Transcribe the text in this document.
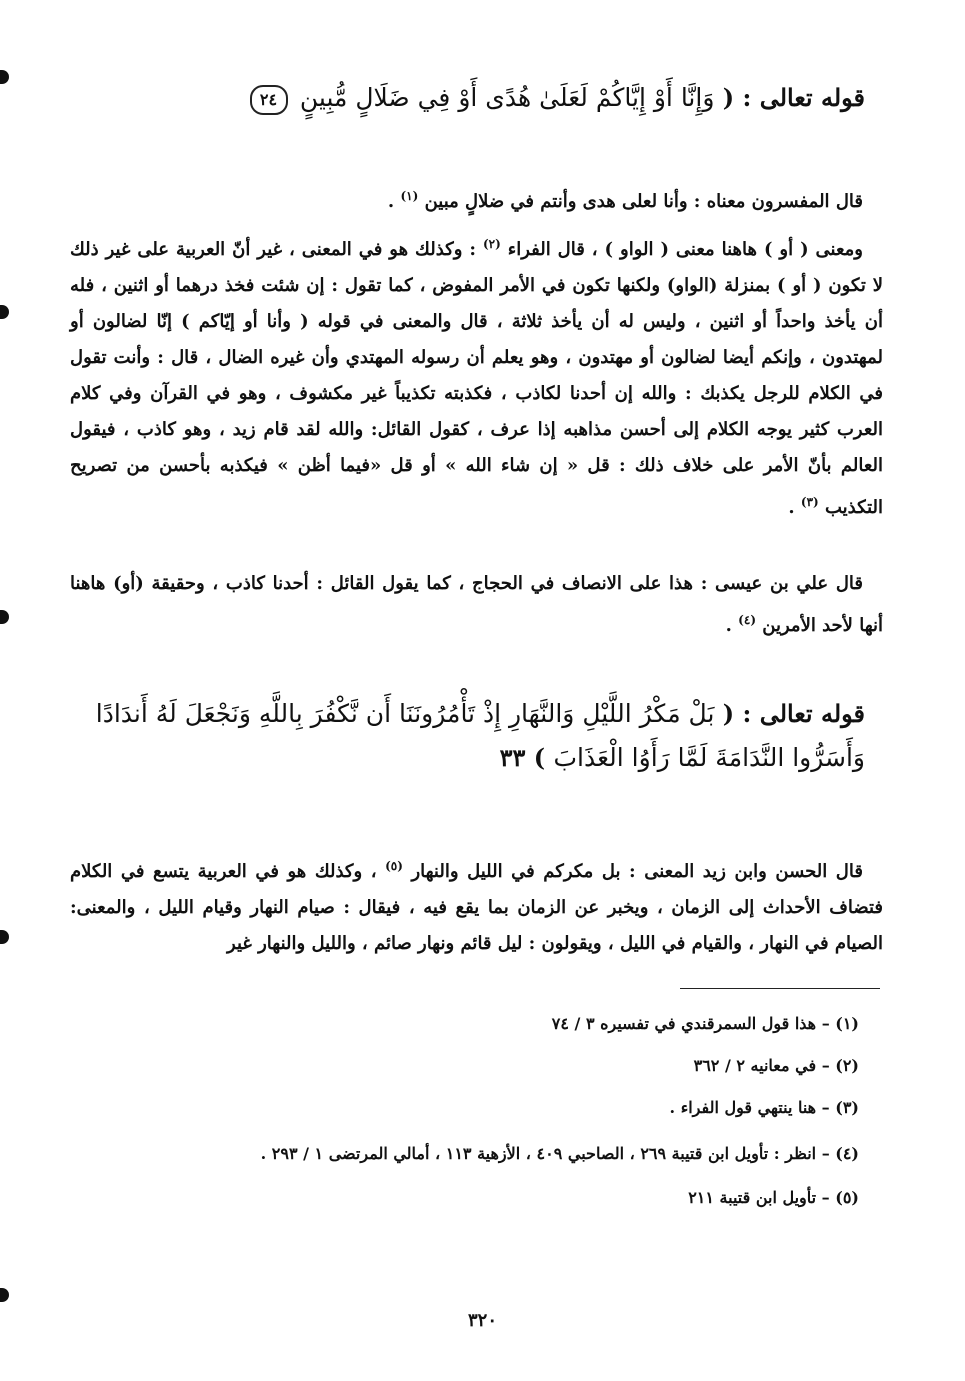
قوله تعالى : ( وَإِنَّا أَوْ إِيَّاكُمْ لَعَلَىٰ هُدًى أَوْ فِي ضَلَالٍ مُّبِينٍ ٢٤
قال المفسرون معناه : وأنا لعلى هدى وأنتم في ضلالٍ مبين $^{(١)}$ .
ومعنى ( أو ) هاهنا معنى ( الواو ) ، قال الفراء $^{(٢)}$ : وكذلك هو في المعنى ، غير أنّ العربية على غير ذلك لا تكون ( أو ) بمنزلة (الواو) ولكنها تكون في الأمر المفوض ، كما تقول : إن شئت فخذ درهما أو اثنين ، فله أن يأخذ واحداً أو اثنين ، وليس له أن يأخذ ثلاثة ، قال والمعنى في قوله ( وأنا أو إيّاكم ) إنّا لضالون أو لمهتدون ، وإنكم أيضا لضالون أو مهتدون ، وهو يعلم أن رسوله المهتدي وأن غيره الضال ، قال : وأنت تقول في الكلام للرجل يكذبك : والله إن أحدنا لكاذب ، فكذبته تكذيباً غير مكشوف ، وهو في القرآن وفي كلام العرب كثير يوجه الكلام إلى أحسن مذاهبه إذا عرف ، كقول القائل: والله لقد قام زيد ، وهو كاذب ، فيقول العالم بأنّ الأمر على خلاف ذلك : قل « إن شاء الله » أو قل «فيما أظن » فيكذبه بأحسن من تصريح التكذيب $^{(٣)}$ .
قال علي بن عيسى : هذا على الانصاف في الحجاج ، كما يقول القائل : أحدنا كاذب ، وحقيقة (أو) هاهنا أنها لأحد الأمرين $^{(٤)}$ .
قوله تعالى : ( بَلْ مَكْرُ اللَّيْلِ وَالنَّهَارِ إِذْ تَأْمُرُونَنَا أَن نَّكْفُرَ بِاللَّهِ وَنَجْعَلَ لَهُ أَندَادًا وَأَسَرُّوا النَّدَامَةَ لَمَّا رَأَوُا الْعَذَابَ ) ٣٣
قال الحسن وابن زيد المعنى : بل مكركم في الليل والنهار $^{(٥)}$ ، وكذلك هو في العربية يتسع في الكلام فتضاف الأحداث إلى الزمان ، ويخبر عن الزمان بما يقع فيه ، فيقال : صيام النهار وقيام الليل ، والمعنى: الصيام في النهار ، والقيام في الليل ، ويقولون : ليل قائم ونهار صائم ، والليل والنهار غير
(١) – هذا قول السمرقندي في تفسيره ٣ / ٧٤
(٢) – في معانيه ٢ / ٣٦٢
(٣) – هنا ينتهي قول الفراء .
(٤) – انظر : تأويل ابن قتيبة ٢٦٩ ، الصاحبي ٤٠٩ ، الأزهية ١١٣ ، أمالي المرتضى ١ / ٢٩٣ .
(٥) – تأويل ابن قتيبة ٢١١
٣٢٠
